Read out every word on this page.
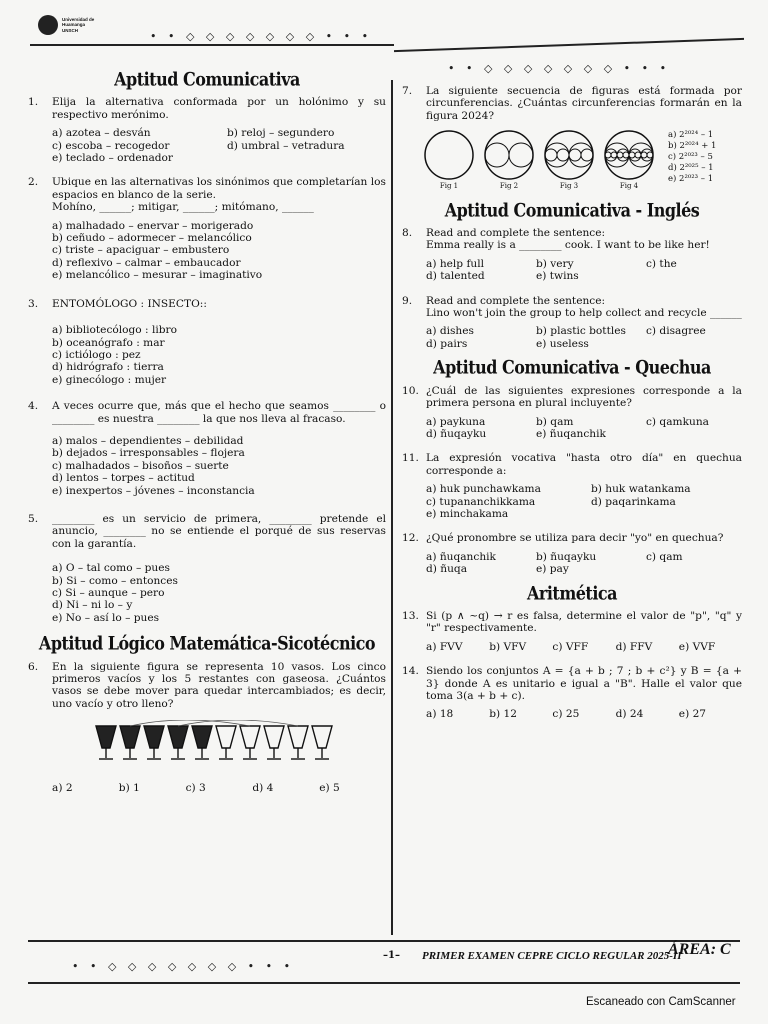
Universidad de
Huamanga
UNSCH	• • ◇ ◇ ◇ ◇ ◇ ◇ ◇ • • •
• • ◇ ◇ ◇ ◇ ◇ ◇ ◇ • • •
Aptitud Comunicativa
1.	Elija la alternativa conformada por un holónimo y su respectivo merónimo.
a) azotea – desván	b) reloj – segundero
c) escoba – recogedor	d) umbral – vetradura
e) teclado – ordenador
2.	Ubique en las alternativas los sinónimos que completarían los espacios en blanco de la serie.
Mohíno, ______; mitigar, ______; mitómano, ______
a) malhadado – enervar – morigerado
b) ceñudo – adormecer – melancólico
c) triste – apaciguar – embustero
d) reflexivo – calmar – embaucador
e) melancólico – mesurar – imaginativo
3.	ENTOMÓLOGO : INSECTO::
a) bibliotecólogo : libro
b) oceanógrafo : mar
c) ictiólogo : pez
d) hidrógrafo : tierra
e) ginecólogo : mujer
4.	A veces ocurre que, más que el hecho que seamos ________ o ________ es nuestra ________ la que nos lleva al fracaso.
a) malos – dependientes – debilidad
b) dejados – irresponsables – flojera
c) malhadados – bisoños – suerte
d) lentos – torpes – actitud
e) inexpertos – jóvenes – inconstancia
5.	________ es un servicio de primera, ________ pretende el anuncio, ________ no se entiende el porqué de sus reservas con la garantía.
a) O – tal como – pues
b) Si – como – entonces
c) Si – aunque – pero
d) Ni – ni lo – y
e) No – así lo – pues
Aptitud Lógico Matemática-Sicotécnico
6.	En la siguiente figura se representa 10 vasos. Los cinco primeros vacíos y los 5 restantes con gaseosa. ¿Cuántos vasos se debe mover para quedar intercambiados; es decir, uno vacío y otro lleno?
a) 2	b) 1	c) 3	d) 4	e) 5
7.	La siguiente secuencia de figuras está formada por circunferencias. ¿Cuántas circunferencias formarán en la figura 2024?
Fig 1	Fig 2	Fig 3	Fig 4
a) 2²⁰²⁴ – 1
b) 2²⁰²⁴ + 1
c) 2²⁰²³ – 5
d) 2²⁰²⁵ – 1
e) 2²⁰²³ – 1
Aptitud Comunicativa - Inglés
8.	Read and complete the sentence:
Emma really is a ________ cook. I want to be like her!
a) help full	b) very	c) the
d) talented	e) twins
9.	Read and complete the sentence:
Lino won't join the group to help collect and recycle ______
a) dishes	b) plastic bottles	c) disagree
d) pairs	e) useless
Aptitud Comunicativa - Quechua
10. ¿Cuál de las siguientes expresiones corresponde a la primera persona en plural incluyente?
a) paykuna	b) qam	c) qamkuna
d) ñuqayku	e) ñuqanchik
11. La expresión vocativa "hasta otro día" en quechua corresponde a:
a) huk punchawkama	b) huk watankama
c) tupananchikkama	d) paqarinkama
e) minchakama
12. ¿Qué pronombre se utiliza para decir "yo" en quechua?
a) ñuqanchik	b) ñuqayku	c) qam
d) ñuqa	e) pay
Aritmética
13. Si (p ∧ ~q) → r es falsa, determine el valor de "p", "q" y "r" respectivamente.
a) FVV	b) VFV	c) VFF	d) FFV	e) VVF
14. Siendo los conjuntos A = {a + b ; 7 ; b + c²} y B = {a + 3} donde A es unitario e igual a "B". Halle el valor que toma 3(a + b + c).
a) 18	b) 12	c) 25	d) 24	e) 27
• • ◇ ◇ ◇ ◇ ◇ ◇ ◇ • • •
–1– PRIMER EXAMEN CEPRE CICLO REGULAR 2025-II
ÁREA: C
Escaneado con CamScanner
